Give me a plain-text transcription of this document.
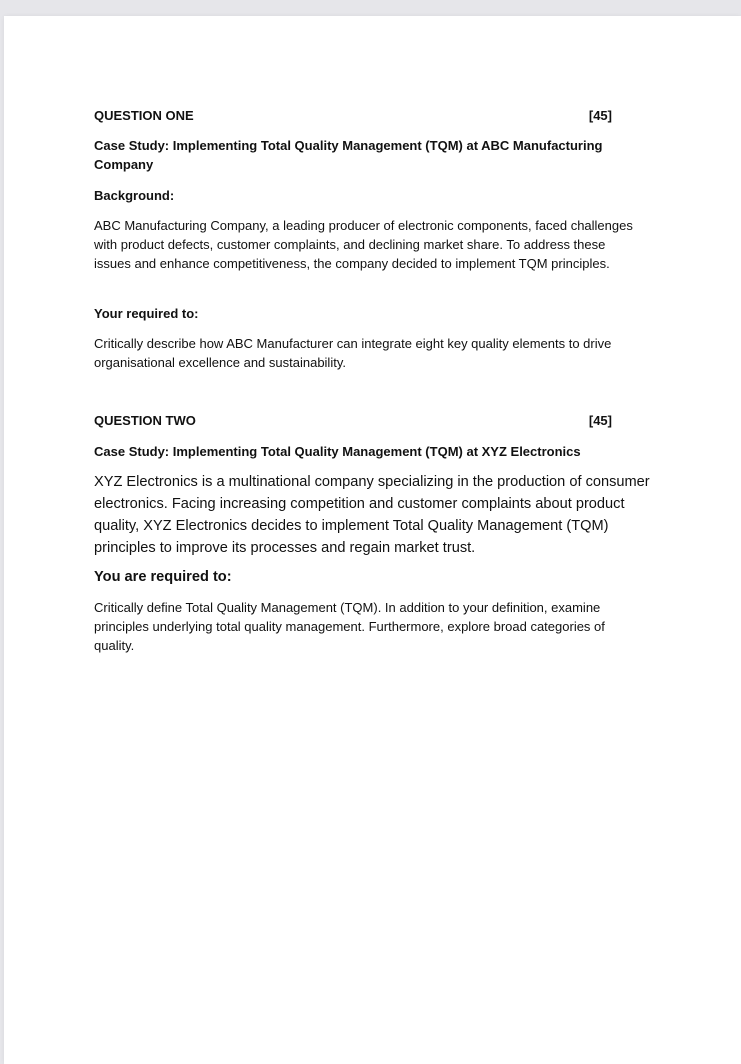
QUESTION ONE	[45]

Case Study: Implementing Total Quality Management (TQM) at ABC Manufacturing Company

Background:

ABC Manufacturing Company, a leading producer of electronic components, faced challenges with product defects, customer complaints, and declining market share. To address these issues and enhance competitiveness, the company decided to implement TQM principles.

Your required to:

Critically describe how ABC Manufacturer can integrate eight key quality elements to drive organisational excellence and sustainability.

QUESTION TWO	[45]

Case Study: Implementing Total Quality Management (TQM) at XYZ Electronics

XYZ Electronics is a multinational company specializing in the production of consumer electronics. Facing increasing competition and customer complaints about product quality, XYZ Electronics decides to implement Total Quality Management (TQM) principles to improve its processes and regain market trust.

You are required to:

Critically define Total Quality Management (TQM). In addition to your definition, examine principles underlying total quality management. Furthermore, explore broad categories of quality.
